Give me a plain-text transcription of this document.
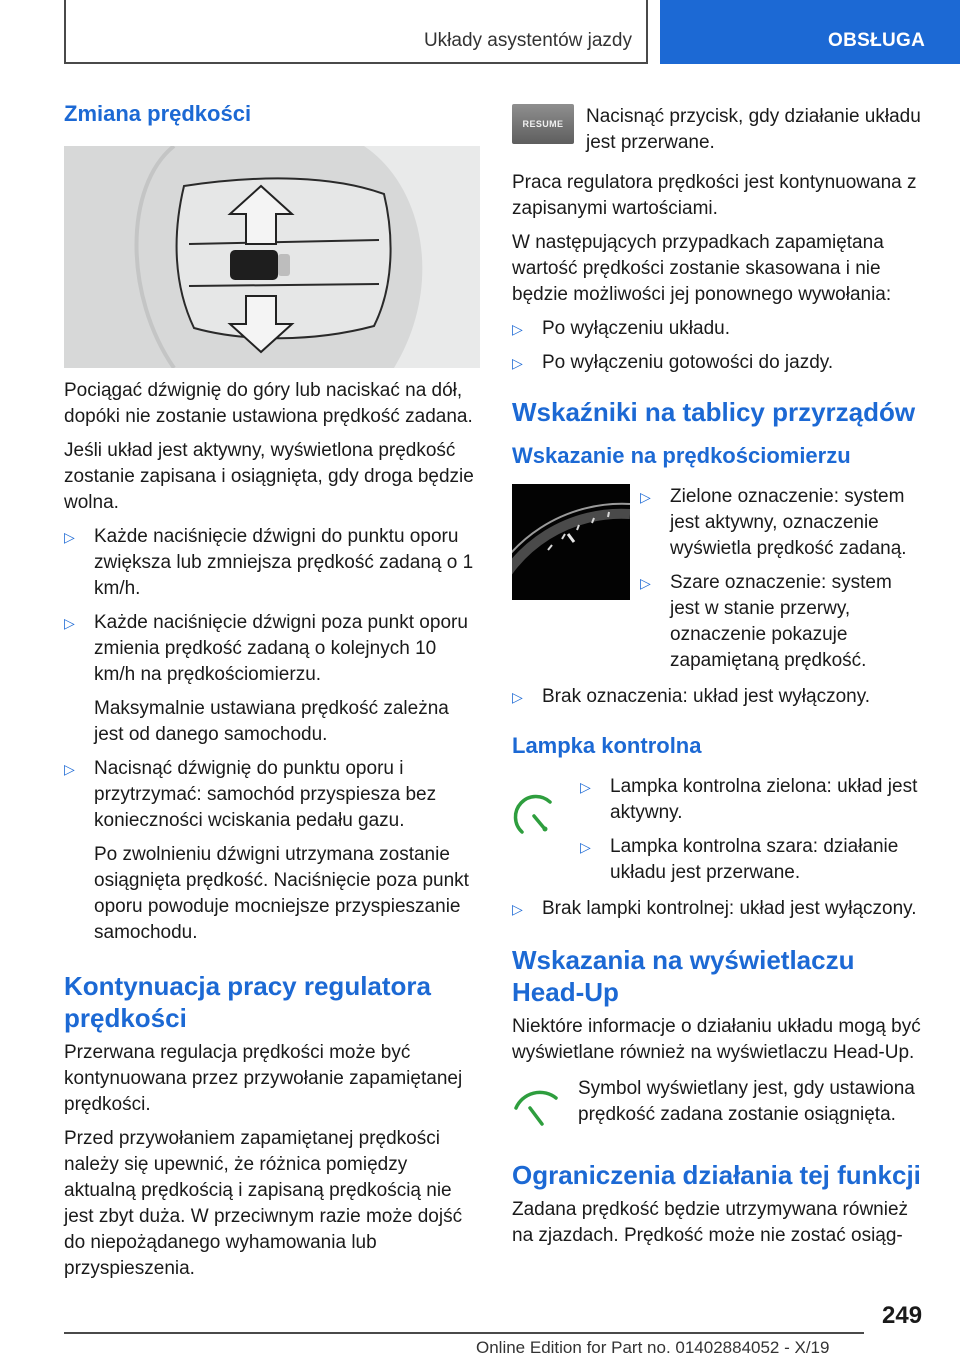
Układy asystentów jazdy	OBSŁUGA
Zmiana prędkości

Pociągać dźwignię do góry lub naciskać na dół, dopóki nie zostanie ustawiona prędkość zadana.

Jeśli układ jest aktywny, wyświetlona prędkość zostanie zapisana i osiągnięta, gdy droga będzie wolna.

▷ Każde naciśnięcie dźwigni do punktu oporu zwiększa lub zmniejsza prędkość zadaną o 1 km/h.

▷ Każde naciśnięcie dźwigni poza punkt oporu zmienia prędkość zadaną o kolejnych 10 km/h na prędkościomierzu.

Maksymalnie ustawiana prędkość zależna jest od danego samochodu.

▷ Nacisnąć dźwignię do punktu oporu i przytrzymać: samochód przyspiesza bez konieczności wciskania pedału gazu.

Po zwolnieniu dźwigni utrzymana zostanie osiągnięta prędkość. Naciśnięcie poza punkt oporu powoduje mocniejsze przyspieszanie samochodu.

Kontynuacja pracy regulatora prędkości

Przerwana regulacja prędkości może być kontynuowana przez przywołanie zapamiętanej prędkości.

Przed przywołaniem zapamiętanej prędkości należy się upewnić, że różnica pomiędzy aktualną prędkością i zapisaną prędkością nie jest zbyt duża. W przeciwnym razie może dojść do niepożądanego wyhamowania lub przyspieszenia.

RESUME	Nacisnąć przycisk, gdy działanie układu jest przerwane.

Praca regulatora prędkości jest kontynuowana z zapisanymi wartościami.

W następujących przypadkach zapamiętana wartość prędkości zostanie skasowana i nie będzie możliwości jej ponownego wywołania:

▷ Po wyłączeniu układu.

▷ Po wyłączeniu gotowości do jazdy.

Wskaźniki na tablicy przyrządów
Wskazanie na prędkościomierzu

▷ Zielone oznaczenie: system jest aktywny, oznaczenie wyświetla prędkość zadaną.

▷ Szare oznaczenie: system jest w stanie przerwy, oznaczenie pokazuje zapamiętaną prędkość.

▷ Brak oznaczenia: układ jest wyłączony.

Lampka kontrolna

▷ Lampka kontrolna zielona: układ jest aktywny.

▷ Lampka kontrolna szara: działanie układu jest przerwane.

▷ Brak lampki kontrolnej: układ jest wyłączony.

Wskazania na wyświetlaczu Head-Up

Niektóre informacje o działaniu układu mogą być wyświetlane również na wyświetlaczu Head-Up.

Symbol wyświetlany jest, gdy ustawiona prędkość zadana zostanie osiągnięta.

Ograniczenia działania tej funkcji

Zadana prędkość będzie utrzymywana również na zjazdach. Prędkość może nie zostać osiąg-

249
Online Edition for Part no. 01402884052 - X/19
